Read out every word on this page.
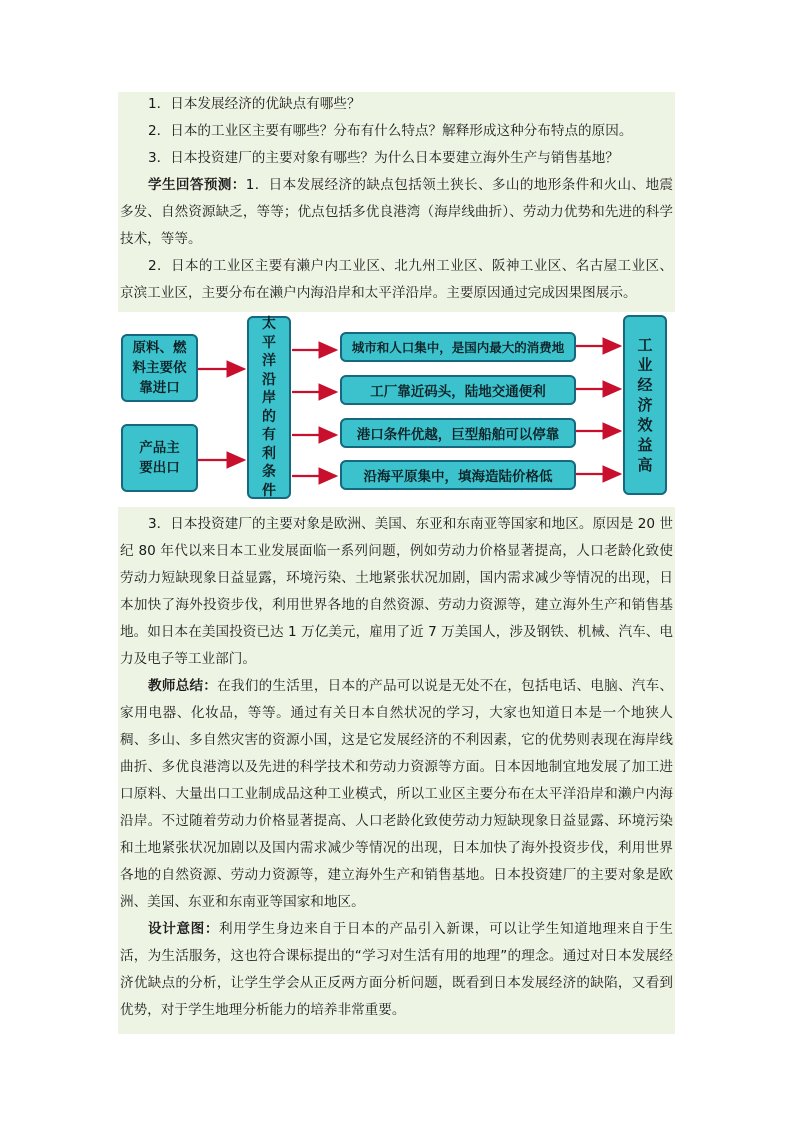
1．日本发展经济的优缺点有哪些？

2．日本的工业区主要有哪些？分布有什么特点？解释形成这种分布特点的原因。

3．日本投资建厂的主要对象有哪些？为什么日本要建立海外生产与销售基地？

学生回答预测：1．日本发展经济的缺点包括领土狭长、多山的地形条件和火山、地震多发、自然资源缺乏，等等；优点包括多优良港湾（海岸线曲折）、劳动力优势和先进的科学技术，等等。

2．日本的工业区主要有濑户内工业区、北九州工业区、阪神工业区、名古屋工业区、京滨工业区，主要分布在濑户内海沿岸和太平洋沿岸。主要原因通过完成因果图展示。

3．日本投资建厂的主要对象是欧洲、美国、东亚和东南亚等国家和地区。原因是 20 世纪 80 年代以来日本工业发展面临一系列问题，例如劳动力价格显著提高，人口老龄化致使劳动力短缺现象日益显露，环境污染、土地紧张状况加剧，国内需求减少等情况的出现，日本加快了海外投资步伐，利用世界各地的自然资源、劳动力资源等，建立海外生产和销售基地。如日本在美国投资已达 1 万亿美元，雇用了近 7 万美国人，涉及钢铁、机械、汽车、电力及电子等工业部门。

教师总结：在我们的生活里，日本的产品可以说是无处不在，包括电话、电脑、汽车、家用电器、化妆品，等等。通过有关日本自然状况的学习，大家也知道日本是一个地狭人稠、多山、多自然灾害的资源小国，这是它发展经济的不利因素，它的优势则表现在海岸线曲折、多优良港湾以及先进的科学技术和劳动力资源等方面。日本因地制宜地发展了加工进口原料、大量出口工业制成品这种工业模式，所以工业区主要分布在太平洋沿岸和濑户内海沿岸。不过随着劳动力价格显著提高、人口老龄化致使劳动力短缺现象日益显露、环境污染和土地紧张状况加剧以及国内需求减少等情况的出现，日本加快了海外投资步伐，利用世界各地的自然资源、劳动力资源等，建立海外生产和销售基地。日本投资建厂的主要对象是欧洲、美国、东亚和东南亚等国家和地区。

设计意图：利用学生身边来自于日本的产品引入新课，可以让学生知道地理来自于生活，为生活服务，这也符合课标提出的“学习对生活有用的地理”的理念。通过对日本发展经济优缺点的分析，让学生学会从正反两方面分析问题，既看到日本发展经济的缺陷，又看到优势，对于学生地理分析能力的培养非常重要。

原料、燃料主要依靠进口
产品主要出口
太
平
洋
沿
岸
的
有
利
条
件
城市和人口集中，是国内最大的消费地
工厂靠近码头，陆地交通便利
港口条件优越，巨型船舶可以停靠
沿海平原集中，填海造陆价格低
工
业
经
济
效
益
高
